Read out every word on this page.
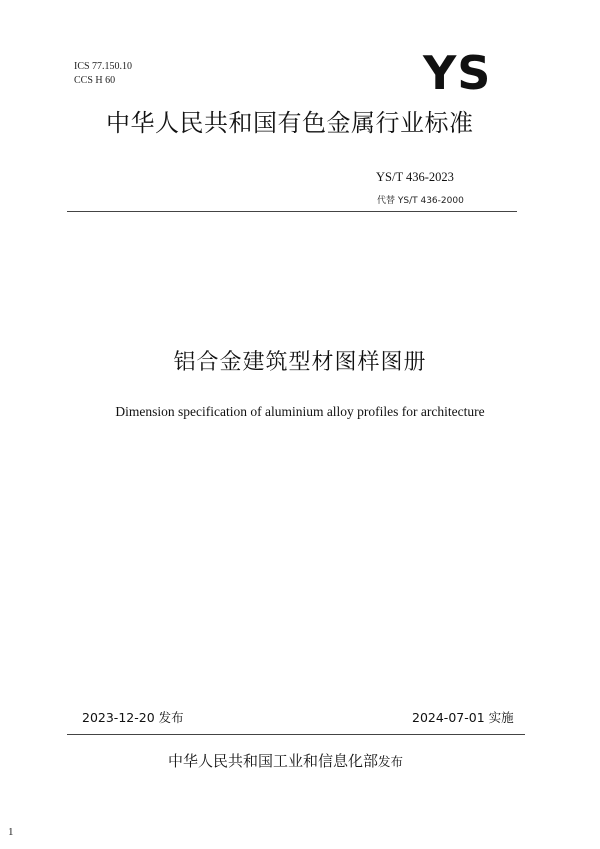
ICS 77.150.10
CCS H 60	YS
中华人民共和国有色金属行业标准
YS/T 436-2023
代替 YS/T 436-2000
铝合金建筑型材图样图册
Dimension specification of aluminium alloy profiles for architecture
2023-12-20 发布	2024-07-01 实施
中华人民共和国工业和信息化部发布
1
